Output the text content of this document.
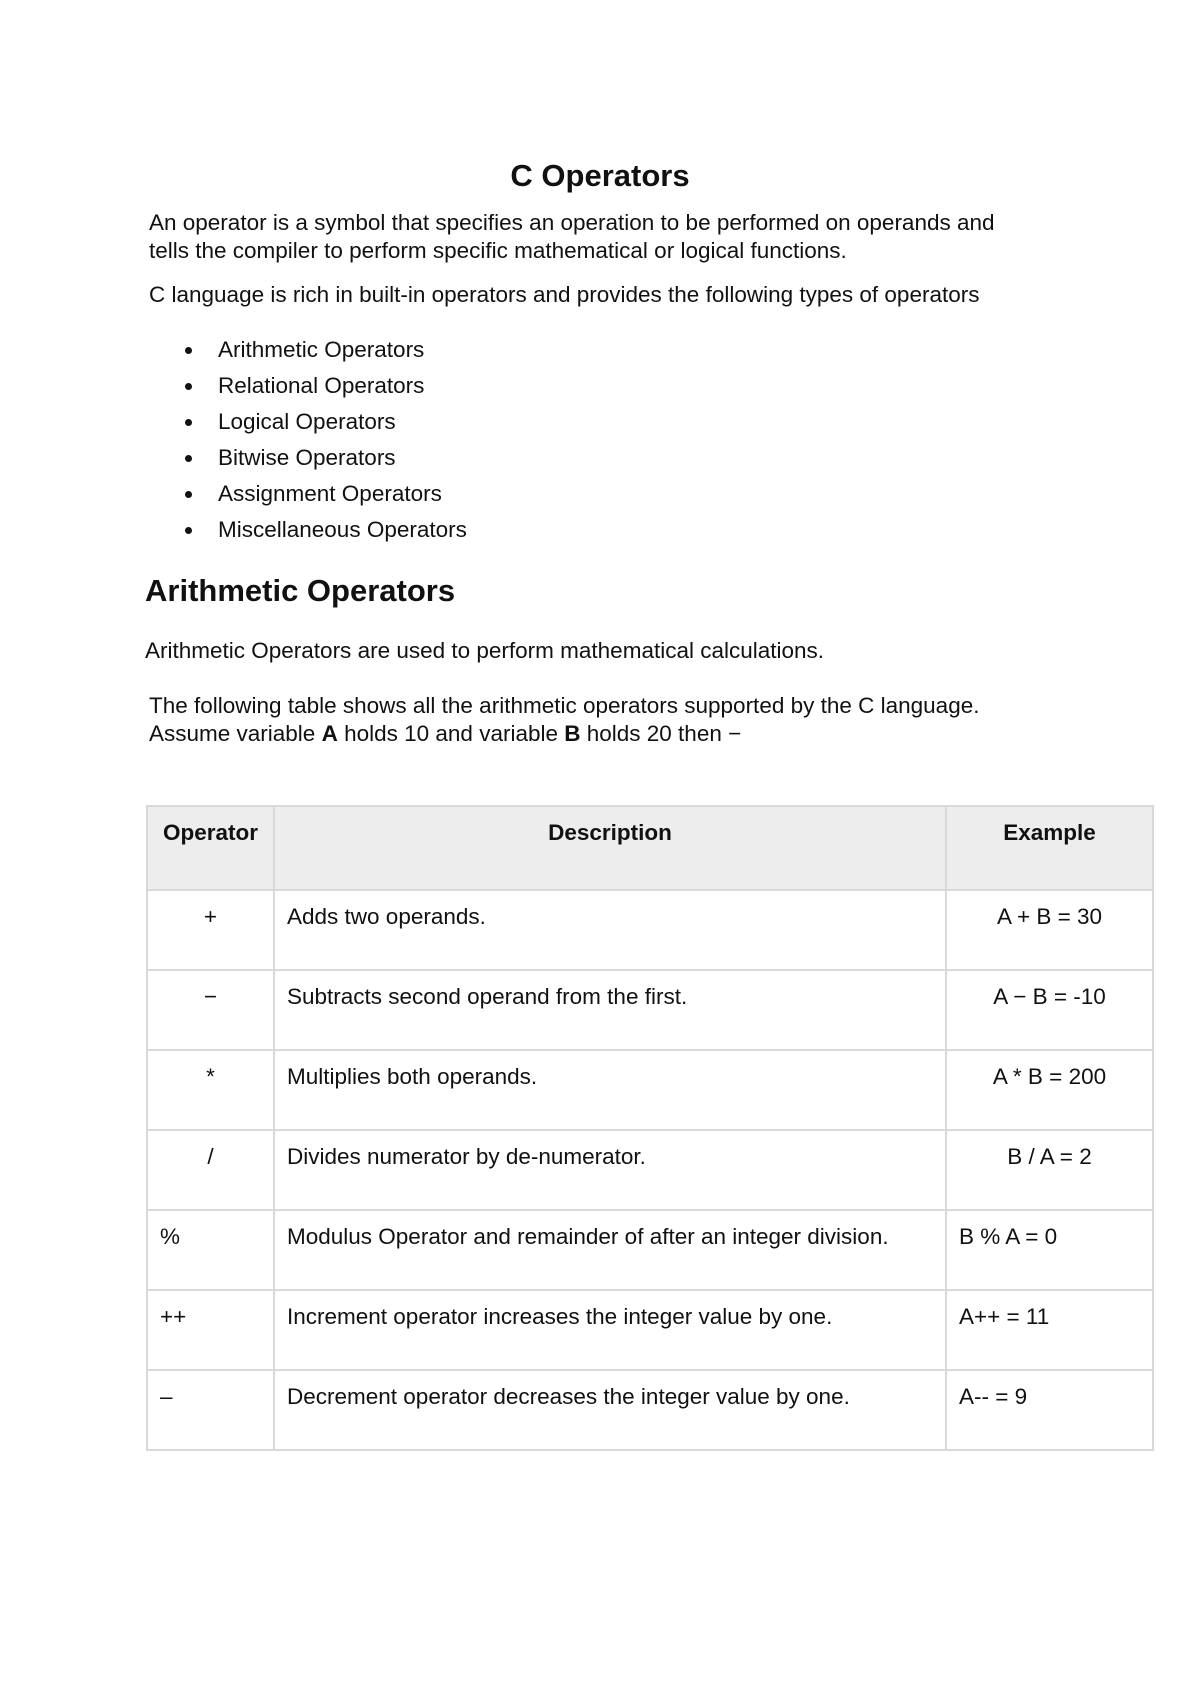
C Operators
An operator is a symbol that specifies an operation to be performed on operands and
tells the compiler to perform specific mathematical or logical functions.
C language is rich in built-in operators and provides the following types of operators
Arithmetic Operators
Relational Operators
Logical Operators
Bitwise Operators
Assignment Operators
Miscellaneous Operators
Arithmetic Operators
Arithmetic Operators are used to perform mathematical calculations.
The following table shows all the arithmetic operators supported by the C language.
Assume variable A holds 10 and variable B holds 20 then −
Operator	Description	Example
+	Adds two operands.	A + B = 30
−	Subtracts second operand from the first.	A − B = -10
*	Multiplies both operands.	A * B = 200
/	Divides numerator by de-numerator.	B / A = 2
%	Modulus Operator and remainder of after an integer division.	B % A = 0
++	Increment operator increases the integer value by one.	A++ = 11
–	Decrement operator decreases the integer value by one.	A-- = 9
